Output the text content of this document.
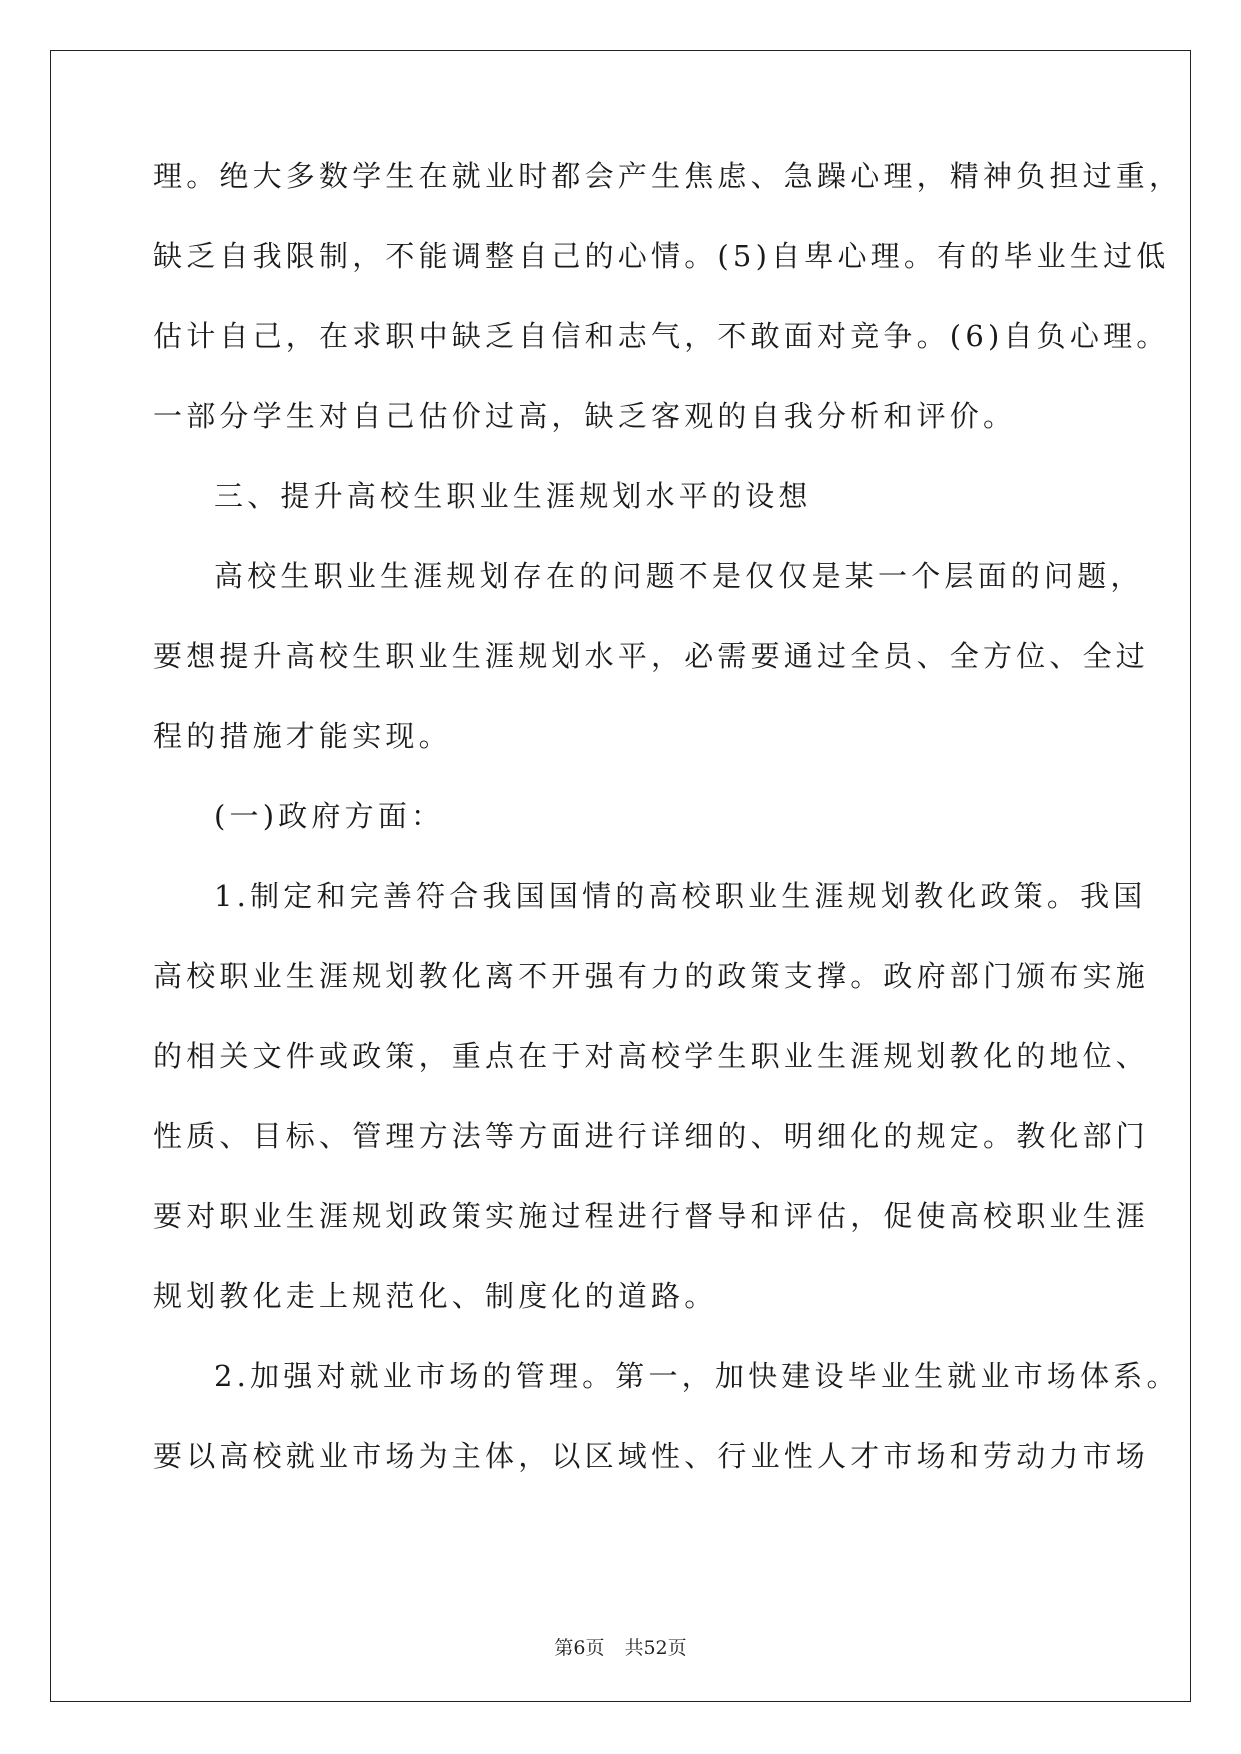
理。绝大多数学生在就业时都会产生焦虑、急躁心理，精神负担过重，
缺乏自我限制，不能调整自己的心情。(5)自卑心理。有的毕业生过低
估计自己，在求职中缺乏自信和志气，不敢面对竞争。(6)自负心理。
一部分学生对自己估价过高，缺乏客观的自我分析和评价。
三、提升高校生职业生涯规划水平的设想
高校生职业生涯规划存在的问题不是仅仅是某一个层面的问题，
要想提升高校生职业生涯规划水平，必需要通过全员、全方位、全过
程的措施才能实现。
(一)政府方面：
1.制定和完善符合我国国情的高校职业生涯规划教化政策。我国
高校职业生涯规划教化离不开强有力的政策支撑。政府部门颁布实施
的相关文件或政策，重点在于对高校学生职业生涯规划教化的地位、
性质、目标、管理方法等方面进行详细的、明细化的规定。教化部门
要对职业生涯规划政策实施过程进行督导和评估，促使高校职业生涯
规划教化走上规范化、制度化的道路。
2.加强对就业市场的管理。第一，加快建设毕业生就业市场体系。
要以高校就业市场为主体，以区域性、行业性人才市场和劳动力市场
第6页 共52页
